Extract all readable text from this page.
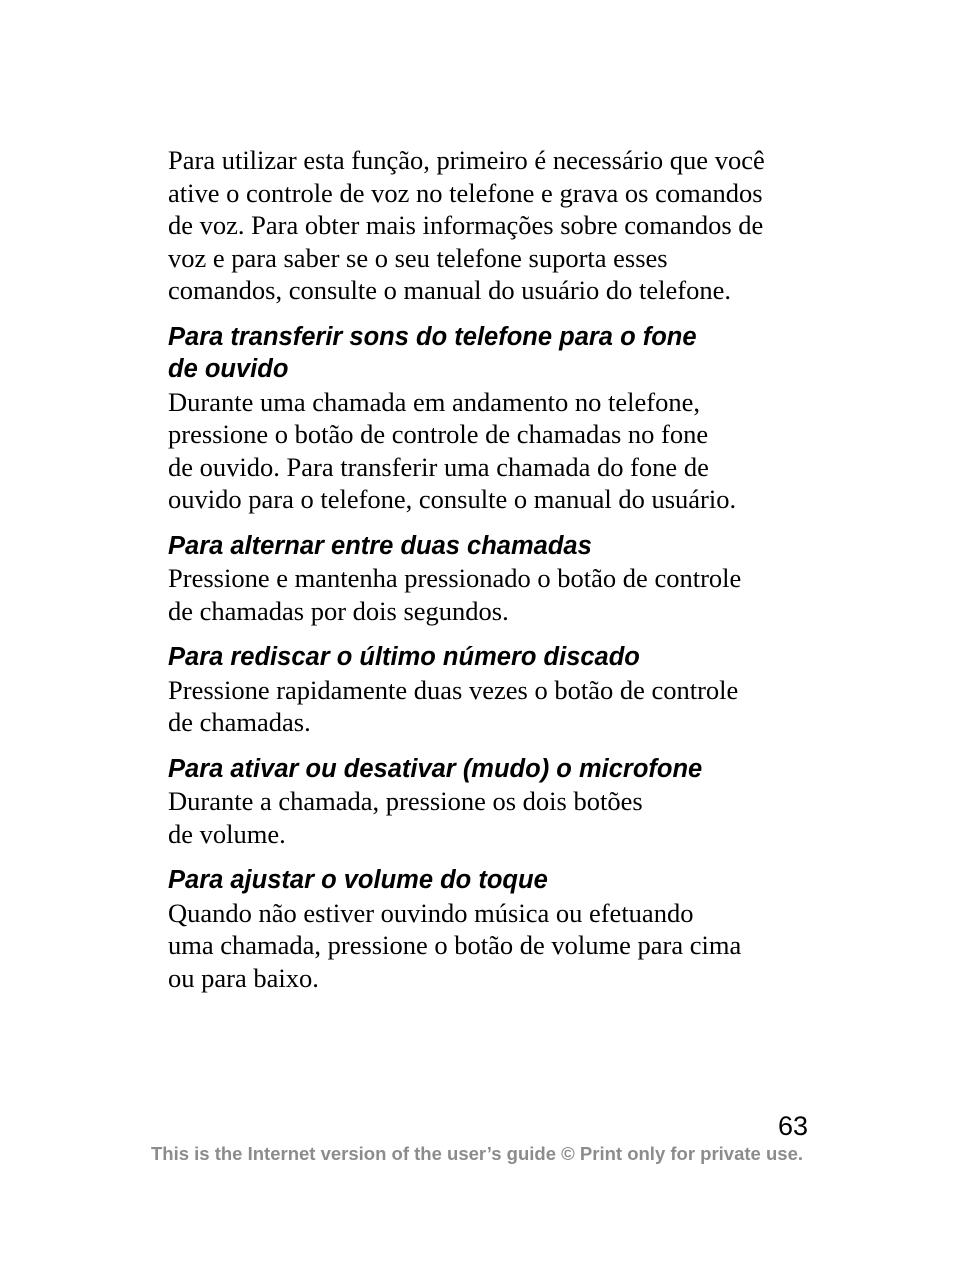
Para utilizar esta função, primeiro é necessário que você
ative o controle de voz no telefone e grava os comandos
de voz. Para obter mais informações sobre comandos de
voz e para saber se o seu telefone suporta esses
comandos, consulte o manual do usuário do telefone.

Para transferir sons do telefone para o fone
de ouvido

Durante uma chamada em andamento no telefone,
pressione o botão de controle de chamadas no fone
de ouvido. Para transferir uma chamada do fone de
ouvido para o telefone, consulte o manual do usuário.

Para alternar entre duas chamadas

Pressione e mantenha pressionado o botão de controle
de chamadas por dois segundos.

Para rediscar o último número discado

Pressione rapidamente duas vezes o botão de controle
de chamadas.

Para ativar ou desativar (mudo) o microfone

Durante a chamada, pressione os dois botões
de volume.

Para ajustar o volume do toque

Quando não estiver ouvindo música ou efetuando
uma chamada, pressione o botão de volume para cima
ou para baixo.

63
This is the Internet version of the user’s guide © Print only for private use.
